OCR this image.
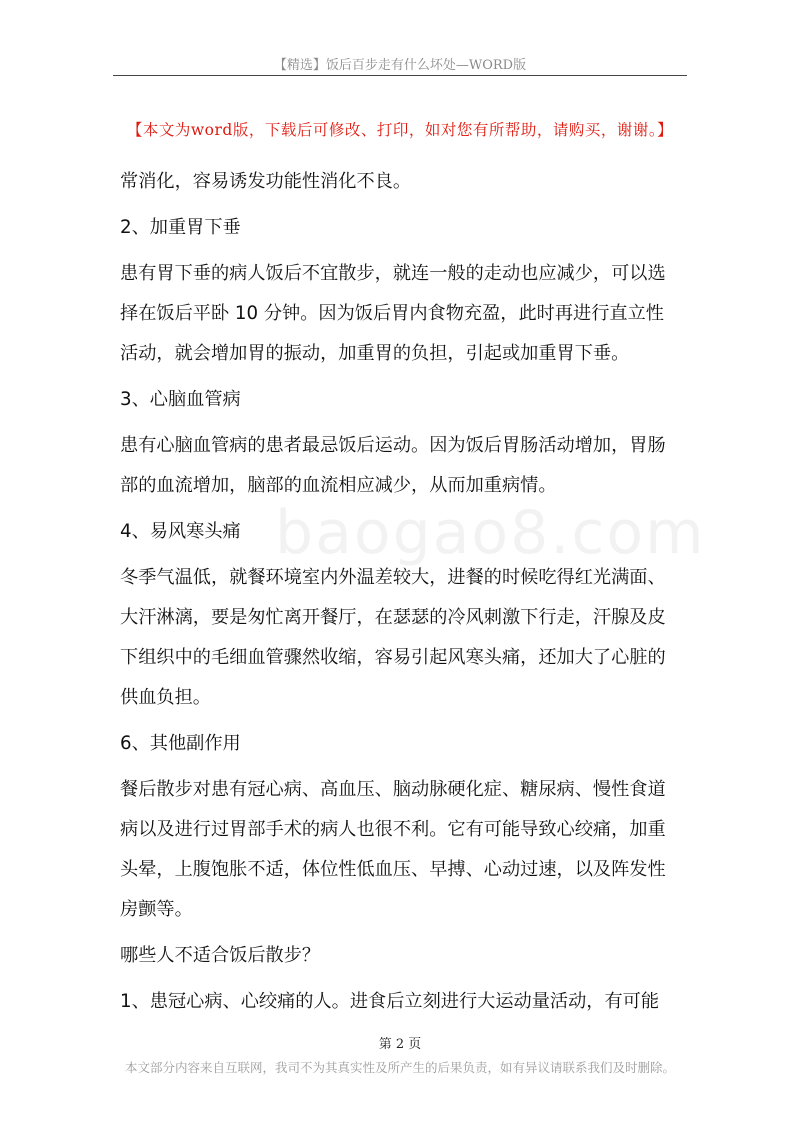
【精选】饭后百步走有什么坏处—WORD版
【本文为word版，下载后可修改、打印，如对您有所帮助，请购买，谢谢。】
baogao8.com
常消化，容易诱发功能性消化不良。
2、加重胃下垂
患有胃下垂的病人饭后不宜散步，就连一般的走动也应减少，可以选
择在饭后平卧 10 分钟。因为饭后胃内食物充盈，此时再进行直立性
活动，就会增加胃的振动，加重胃的负担，引起或加重胃下垂。
3、心脑血管病
患有心脑血管病的患者最忌饭后运动。因为饭后胃肠活动增加，胃肠
部的血流增加，脑部的血流相应减少，从而加重病情。
4、易风寒头痛
冬季气温低，就餐环境室内外温差较大，进餐的时候吃得红光满面、
大汗淋漓，要是匆忙离开餐厅，在瑟瑟的冷风刺激下行走，汗腺及皮
下组织中的毛细血管骤然收缩，容易引起风寒头痛，还加大了心脏的
供血负担。
6、其他副作用
餐后散步对患有冠心病、高血压、脑动脉硬化症、糖尿病、慢性食道
病以及进行过胃部手术的病人也很不利。它有可能导致心绞痛，加重
头晕，上腹饱胀不适，体位性低血压、早搏、心动过速，以及阵发性
房颤等。
哪些人不适合饭后散步？
1、患冠心病、心绞痛的人。进食后立刻进行大运动量活动，有可能
第 2 页
本文部分内容来自互联网，我司不为其真实性及所产生的后果负责，如有异议请联系我们及时删除。
